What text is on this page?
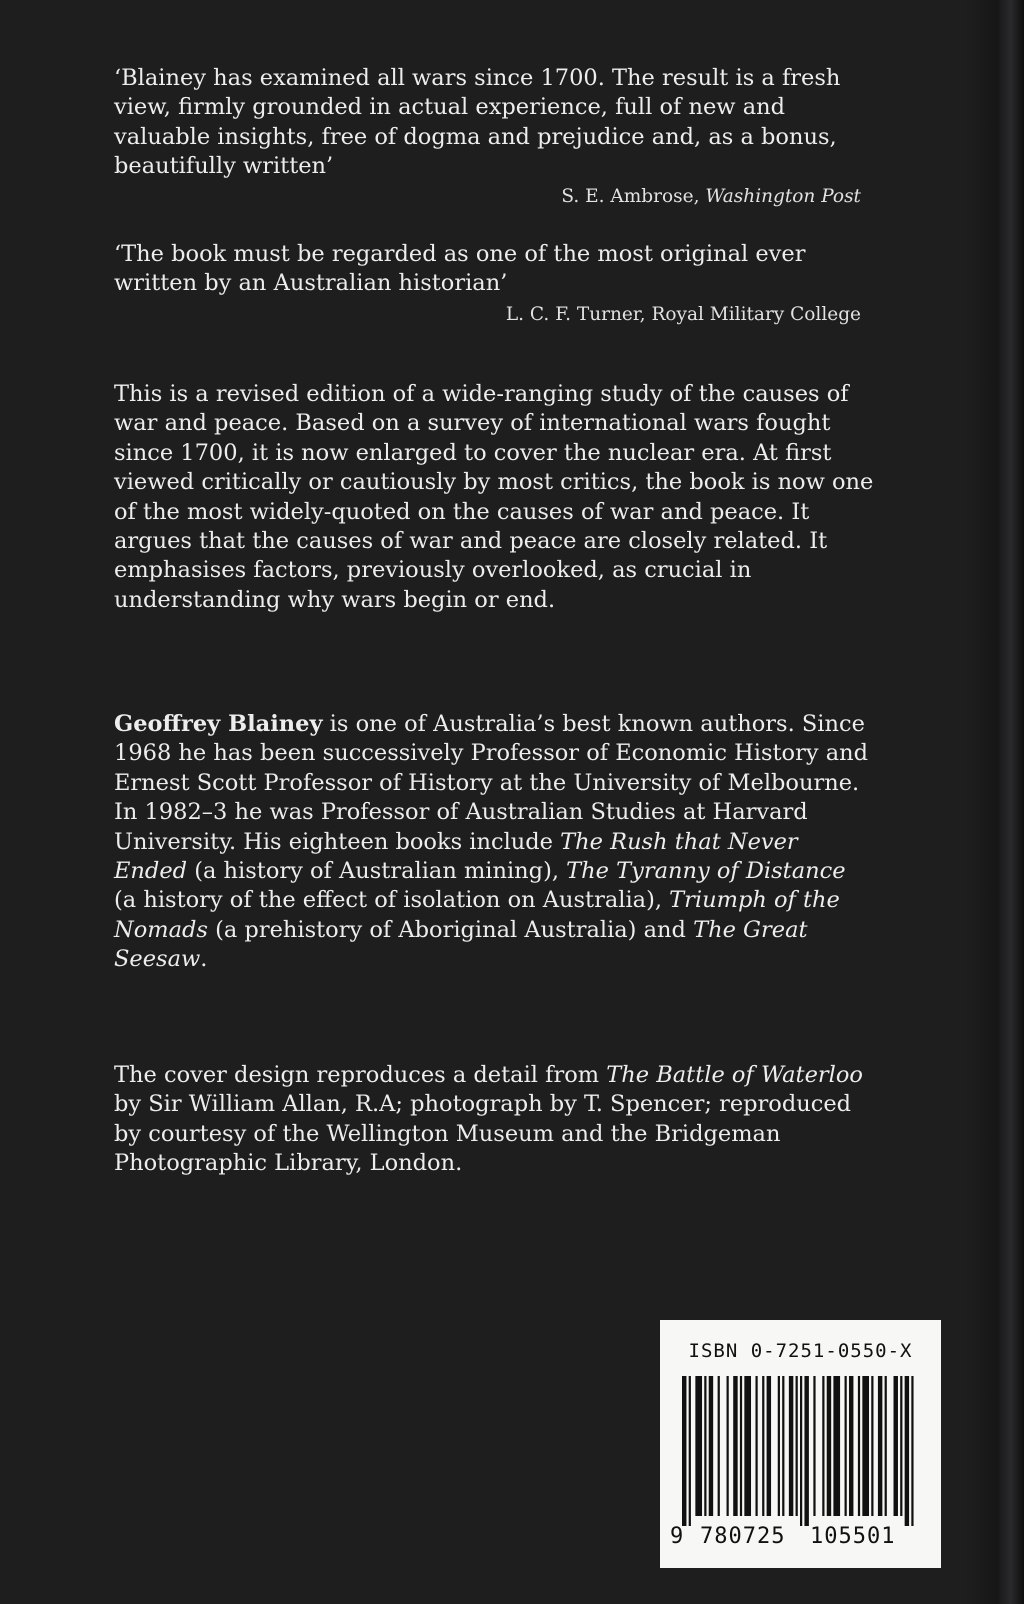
‘Blainey has examined all wars since 1700. The result is a fresh view, firmly grounded in actual experience, full of new and valuable insights, free of dogma and prejudice and, as a bonus, beautifully written’

S. E. Ambrose, Washington Post

‘The book must be regarded as one of the most original ever written by an Australian historian’

L. C. F. Turner, Royal Military College

This is a revised edition of a wide-ranging study of the causes of war and peace. Based on a survey of international wars fought since 1700, it is now enlarged to cover the nuclear era. At first viewed critically or cautiously by most critics, the book is now one of the most widely-quoted on the causes of war and peace. It argues that the causes of war and peace are closely related. It emphasises factors, previously overlooked, as crucial in understanding why wars begin or end.

Geoffrey Blainey is one of Australia’s best known authors. Since 1968 he has been successively Professor of Economic History and Ernest Scott Professor of History at the University of Melbourne. In 1982–3 he was Professor of Australian Studies at Harvard University. His eighteen books include The Rush that Never Ended (a history of Australian mining), The Tyranny of Distance (a history of the effect of isolation on Australia), Triumph of the Nomads (a prehistory of Aboriginal Australia) and The Great Seesaw.

The cover design reproduces a detail from The Battle of Waterloo by Sir William Allan, R.A; photograph by T. Spencer; reproduced by courtesy of the Wellington Museum and the Bridgeman Photographic Library, London.

ISBN 0-7251-0550-X
9 780725 105501
